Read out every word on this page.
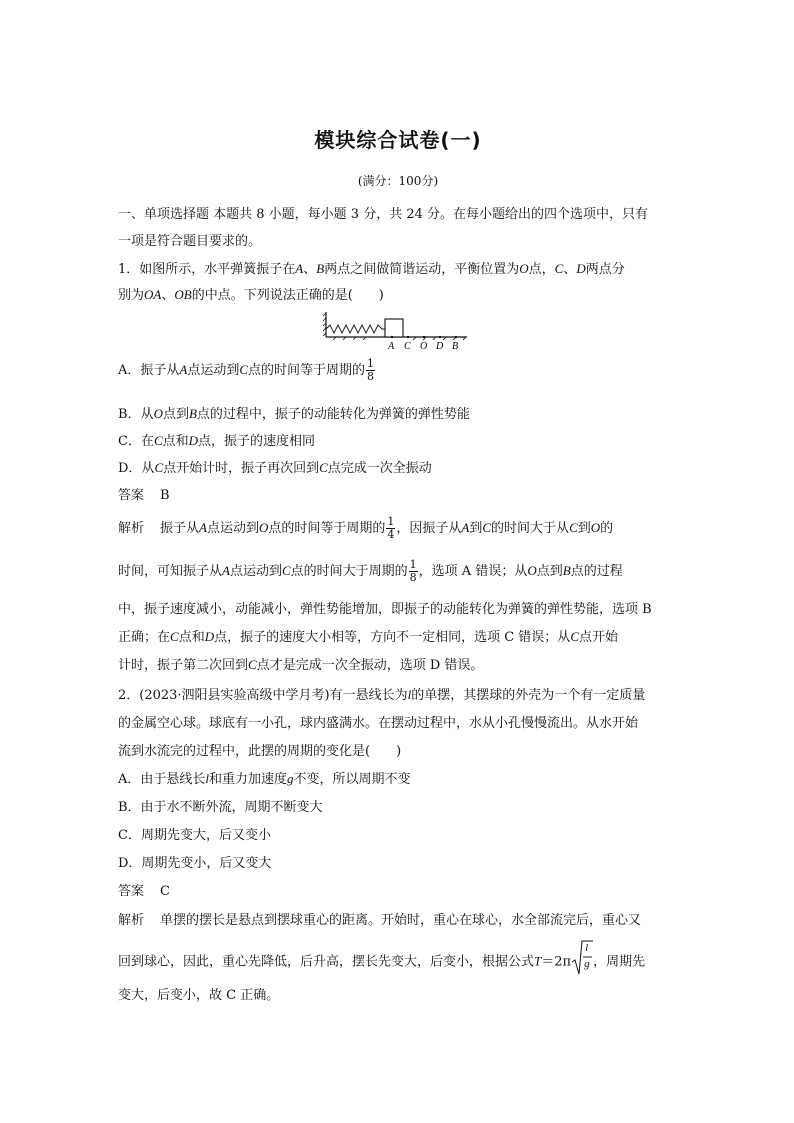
模块综合试卷(一)
(满分：100分)
一、单项选择题 本题共 8 小题，每小题 3 分，共 24 分。在每小题给出的四个选项中，只有
一项是符合题目要求的。
1．如图所示，水平弹簧振子在A、B两点之间做简谐运动，平衡位置为O点，C、D两点分
别为OA、OB的中点。下列说法正确的是(　　)
A C O D B
A．振子从A点运动到C点的时间等于周期的 $\frac{1}{8}$
B．从O点到B点的过程中，振子的动能转化为弹簧的弹性势能
C．在C点和D点，振子的速度相同
D．从C点开始计时，振子再次回到C点完成一次全振动
答案 B
解析 振子从A点运动到O点的时间等于周期的 $\frac{1}{4}$ ，因振子从A到C的时间大于从C到O的
时间，可知振子从A点运动到C点的时间大于周期的 $\frac{1}{8}$ ，选项 A 错误；从O点到B点的过程
中，振子速度减小，动能减小，弹性势能增加，即振子的动能转化为弹簧的弹性势能，选项 B
正确；在C点和D点，振子的速度大小相等，方向不一定相同，选项 C 错误；从C点开始
计时，振子第二次回到C点才是完成一次全振动，选项 D 错误。
2．(2023·泗阳县实验高级中学月考)有一悬线长为l的单摆，其摆球的外壳为一个有一定质量
的金属空心球。球底有一小孔，球内盛满水。在摆动过程中，水从小孔慢慢流出。从水开始
流到水流完的过程中，此摆的周期的变化是(　　)
A．由于悬线长l和重力加速度g不变，所以周期不变
B．由于水不断外流，周期不断变大
C．周期先变大，后又变小
D．周期先变小，后又变大
答案 C
解析 单摆的摆长是悬点到摆球重心的距离。开始时，重心在球心，水全部流完后，重心又
回到球心，因此，重心先降低，后升高，摆长先变大，后变小，根据公式T＝2π
l
g ，周期先
变大，后变小，故 C 正确。
